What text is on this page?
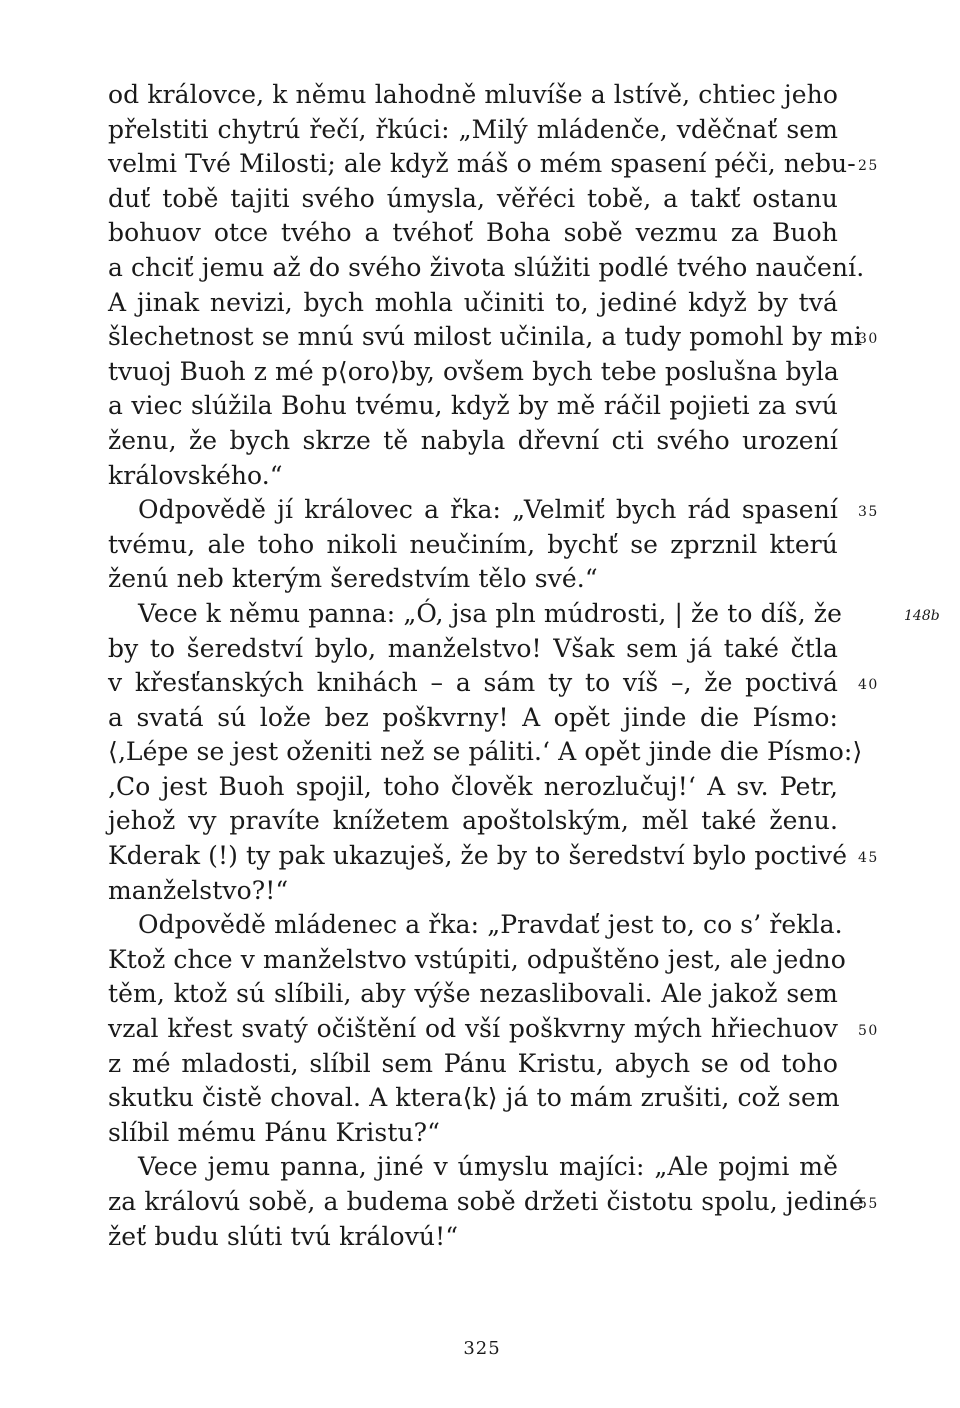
od královce, k němu lahodně mluvíše a lstívě, chtiec jeho
přelstiti chytrú řečí, řkúci: „Milý mládenče, vděčnať sem
velmi Tvé Milosti; ale když máš o mém spasení péči, nebu-
duť tobě tajiti svého úmysla, věřéci tobě, a takť ostanu
bohuov otce tvého a tvéhoť Boha sobě vezmu za Buoh
a chciť jemu až do svého života slúžiti podlé tvého naučení.
A jinak nevizi, bych mohla učiniti to, jediné když by tvá
šlechetnost se mnú svú milost učinila, a tudy pomohl by mi
tvuoj Buoh z mé p⟨oro⟩by, ovšem bych tebe poslušna byla
a viec slúžila Bohu tvému, když by mě ráčil pojieti za svú
ženu, že bych skrze tě nabyla dřevní cti svého urození
královského.“
Odpovědě jí královec a řka: „Velmiť bych rád spasení
tvému, ale toho nikoli neučiním, bychť se zprznil kterú
ženú neb kterým šeredstvím tělo své.“
Vece k němu panna: „Ó, jsa pln múdrosti, | že to díš, že
by to šeredství bylo, manželstvo! Však sem já také čtla
v křesťanských knihách – a sám ty to víš –, že poctivá
a svatá sú lože bez poškvrny! A opět jinde die Písmo:
⟨‚Lépe se jest oženiti než se páliti.‘ A opět jinde die Písmo:⟩
‚Co jest Buoh spojil, toho člověk nerozlučuj!‘ A sv. Petr,
jehož vy pravíte knížetem apoštolským, měl také ženu.
Kderak (!) ty pak ukazuješ, že by to šeredství bylo poctivé
manželstvo?!“
Odpovědě mládenec a řka: „Pravdať jest to, co s’ řekla.
Ktož chce v manželstvo vstúpiti, odpuštěno jest, ale jedno
těm, ktož sú slíbili, aby výše nezaslibovali. Ale jakož sem
vzal křest svatý očištění od vší poškvrny mých hřiechuov
z mé mladosti, slíbil sem Pánu Kristu, abych se od toho
skutku čistě choval. A ktera⟨k⟩ já to mám zrušiti, což sem
slíbil mému Pánu Kristu?“
Vece jemu panna, jiné v úmyslu majíci: „Ale pojmi mě
za královú sobě, a budema sobě držeti čistotu spolu, jediné
žeť budu slúti tvú královú!“
25
30
35
40
45
50
55
148b
325
